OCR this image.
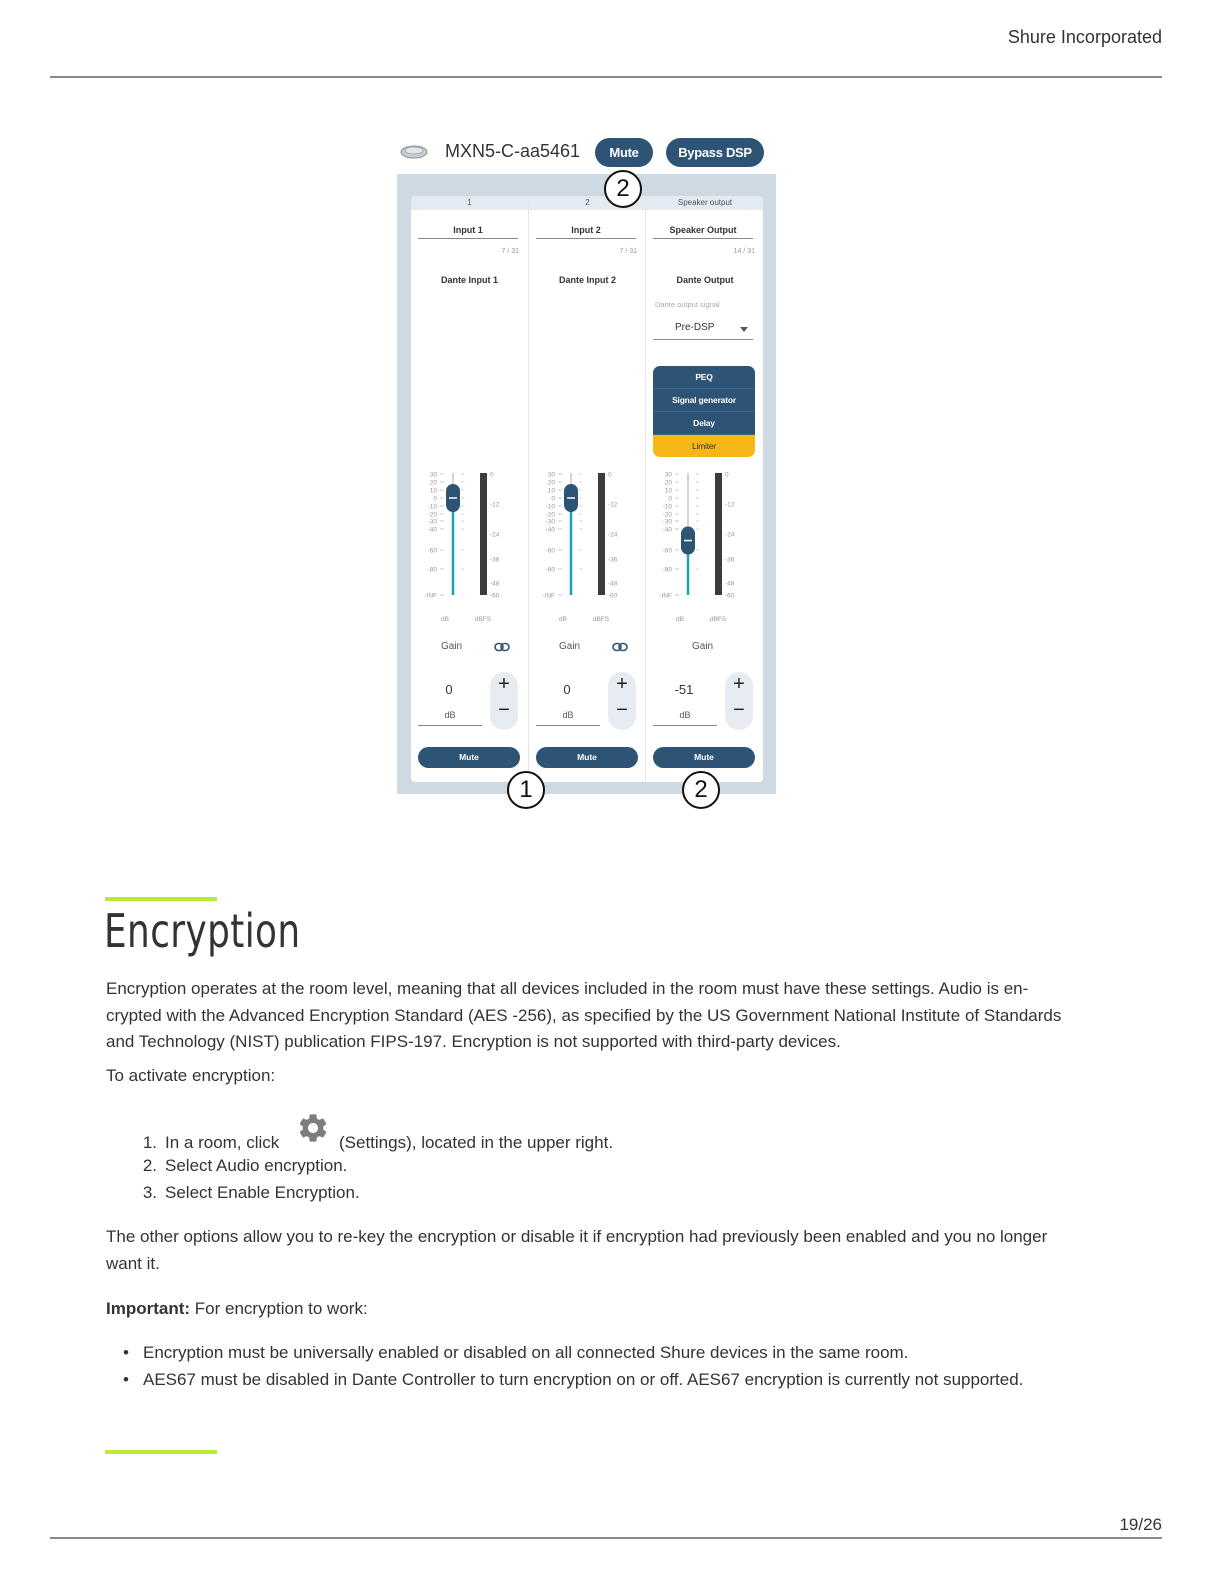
Shure Incorporated
MXN5-C-aa5461	Mute	Bypass DSP
1
Input 1
7 / 31
Dante Input 1
30
20
10
0
-10
-20
-30
-40
-60
-80
-INF
0
-12
-24
-36
-48
-60
dB	dBFS
Gain
0
dB
+
−
Mute
2
Input 2
7 / 31
Dante Input 2
30
20
10
0
-10
-20
-30
-40
-60
-80
-INF
0
-12
-24
-36
-48
-60
dB	dBFS
Gain
0
dB
+
−
Mute
Speaker output
Speaker Output
14 / 31
Dante Output
Dante output signal
Pre-DSP
PEQ
Signal generator
Delay
Limiter
30
20
10
0
-10
-20
-30
-40
-60
-80
-INF
0
-12
-24
-36
-48
-60
dB	dBFS
Gain
-51
dB
+
−
Mute
2
1	2
Encryption
Encryption operates at the room level, meaning that all devices included in the room must have these settings. Audio is en-
crypted with the Advanced Encryption Standard (AES -256), as specified by the US Government National Institute of Standards
and Technology (NIST) publication FIPS-197. Encryption is not supported with third-party devices.
To activate encryption:
1. In a room, click	(Settings), located in the upper right.
2. Select Audio encryption.
3. Select Enable Encryption.
The other options allow you to re-key the encryption or disable it if encryption had previously been enabled and you no longer
want it.
Important: For encryption to work:
• Encryption must be universally enabled or disabled on all connected Shure devices in the same room.
• AES67 must be disabled in Dante Controller to turn encryption on or off. AES67 encryption is currently not supported.
19/26
